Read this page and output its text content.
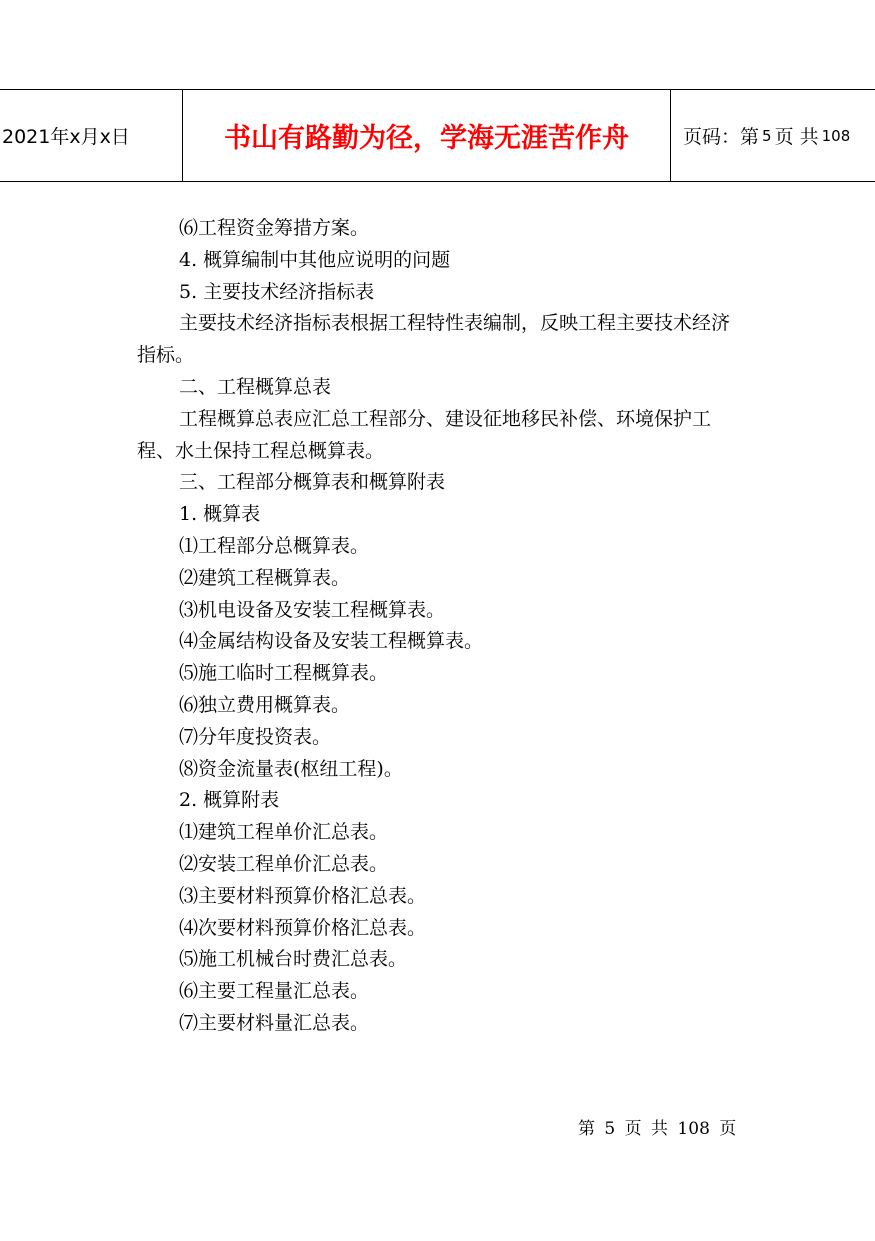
2021年x月x日	书山有路勤为径，学海无涯苦作舟	页码：第 5 页 共 108
⑹工程资金筹措方案。
4. 概算编制中其他应说明的问题
5. 主要技术经济指标表
主要技术经济指标表根据工程特性表编制，反映工程主要技术经济指标。
二、工程概算总表
工程概算总表应汇总工程部分、建设征地移民补偿、环境保护工程、水土保持工程总概算表。
三、工程部分概算表和概算附表
1. 概算表
⑴工程部分总概算表。
⑵建筑工程概算表。
⑶机电设备及安装工程概算表。
⑷金属结构设备及安装工程概算表。
⑸施工临时工程概算表。
⑹独立费用概算表。
⑺分年度投资表。
⑻资金流量表(枢纽工程)。
2. 概算附表
⑴建筑工程单价汇总表。
⑵安装工程单价汇总表。
⑶主要材料预算价格汇总表。
⑷次要材料预算价格汇总表。
⑸施工机械台时费汇总表。
⑹主要工程量汇总表。
⑺主要材料量汇总表。
第 5 页 共 108 页
